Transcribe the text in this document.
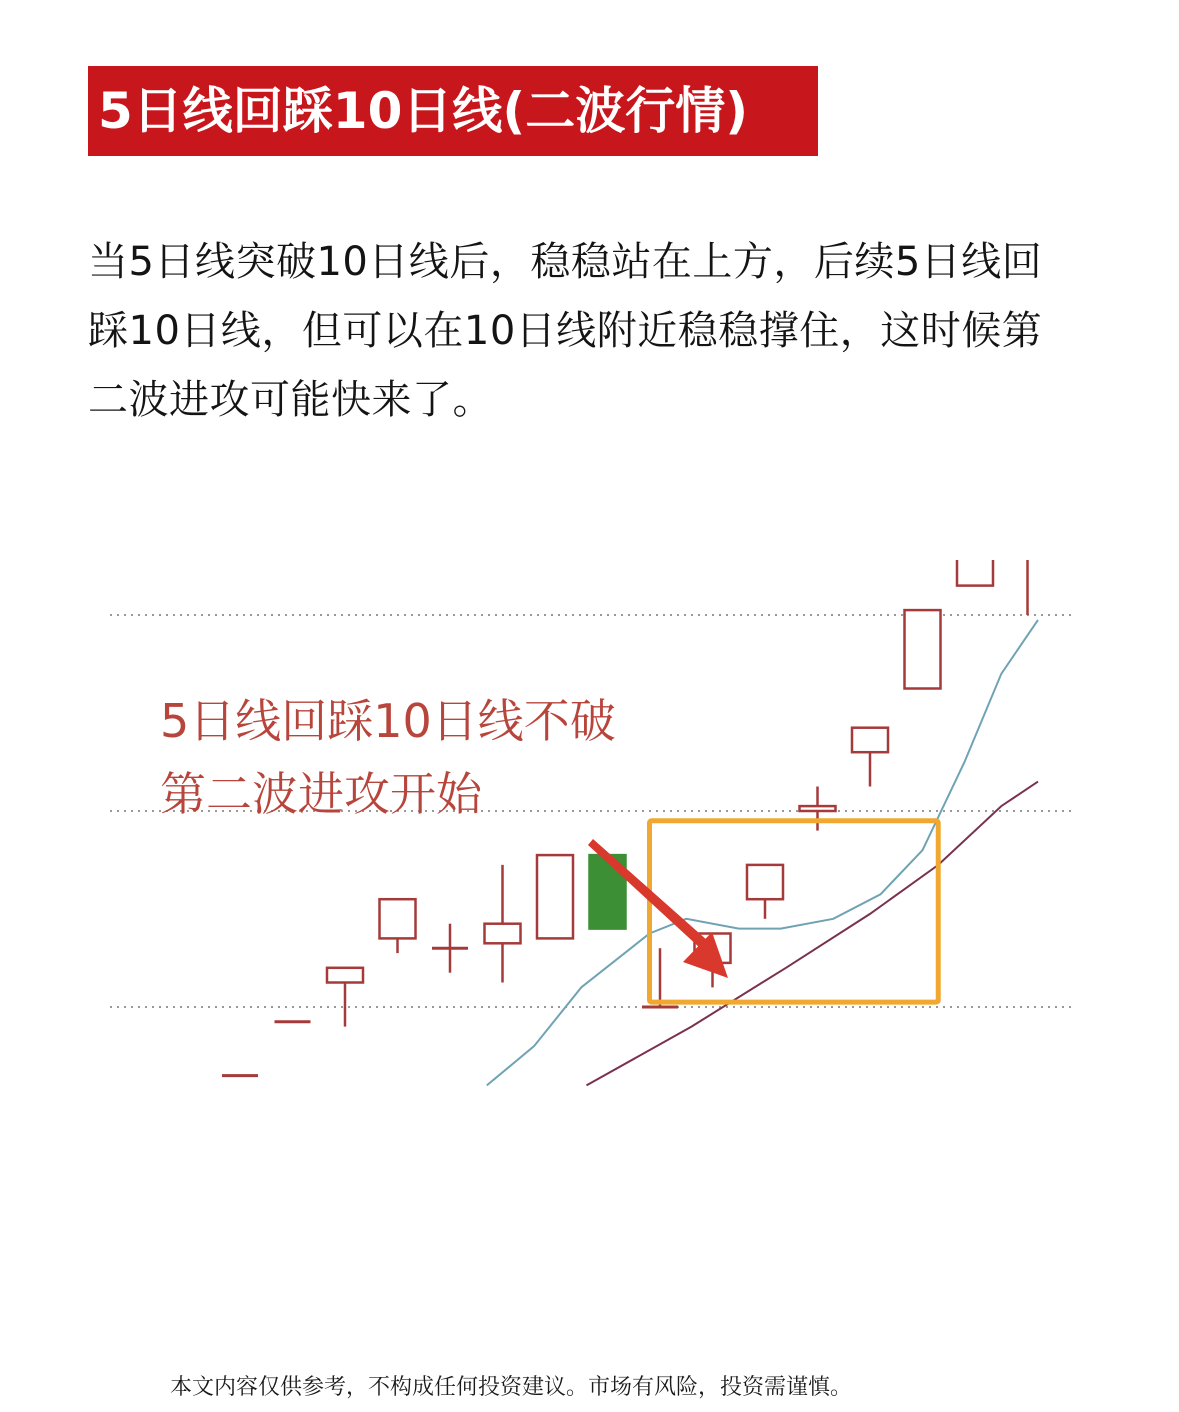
5日线回踩10日线(二波行情)
当5日线突破10日线后，稳稳站在上方，后续5日线回踩10日线，但可以在10日线附近稳稳撑住，这时候第二波进攻可能快来了。
5日线回踩10日线不破
第二波进攻开始
本文内容仅供参考，不构成任何投资建议。市场有风险，投资需谨慎。
